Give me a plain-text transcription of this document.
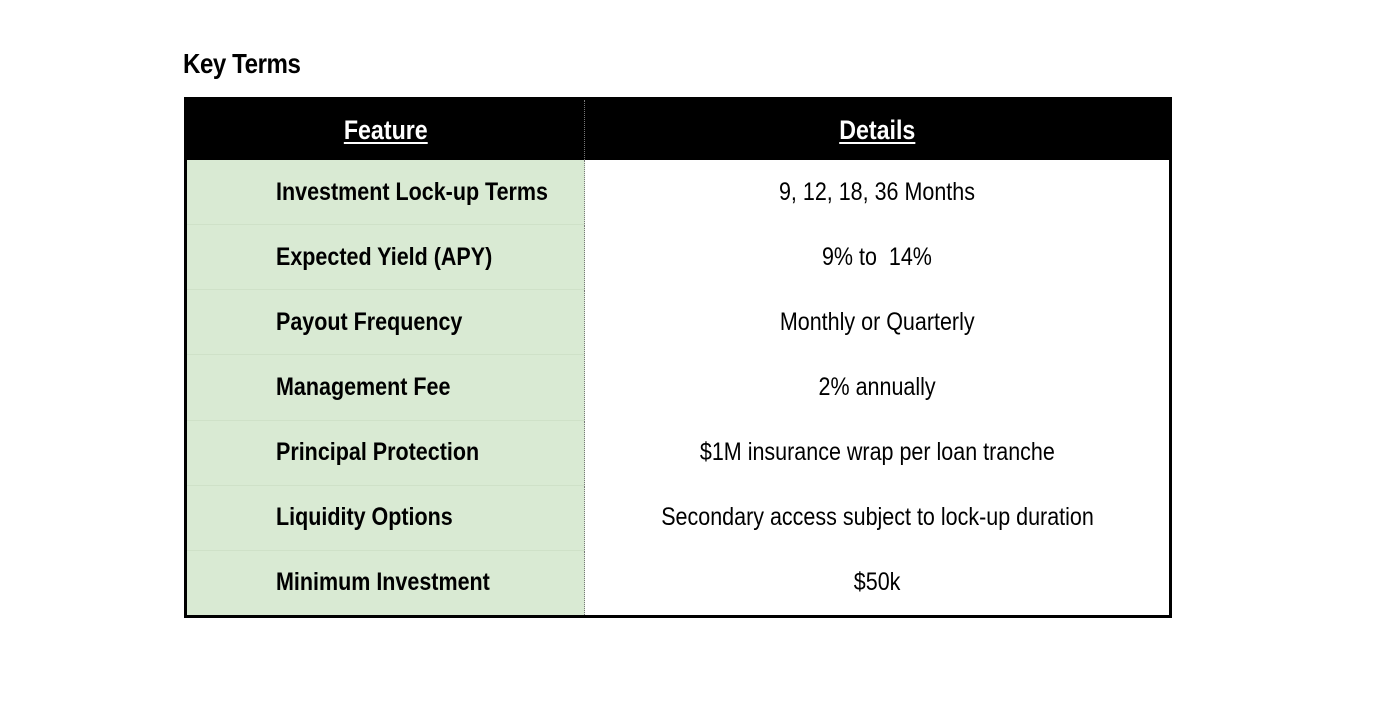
Key Terms
Feature	Details
Investment Lock-up Terms	9, 12, 18, 36 Months
Expected Yield (APY)	9% to  14%
Payout Frequency	Monthly or Quarterly
Management Fee	2% annually
Principal Protection	$1M insurance wrap per loan tranche
Liquidity Options	Secondary access subject to lock-up duration
Minimum Investment	$50k
